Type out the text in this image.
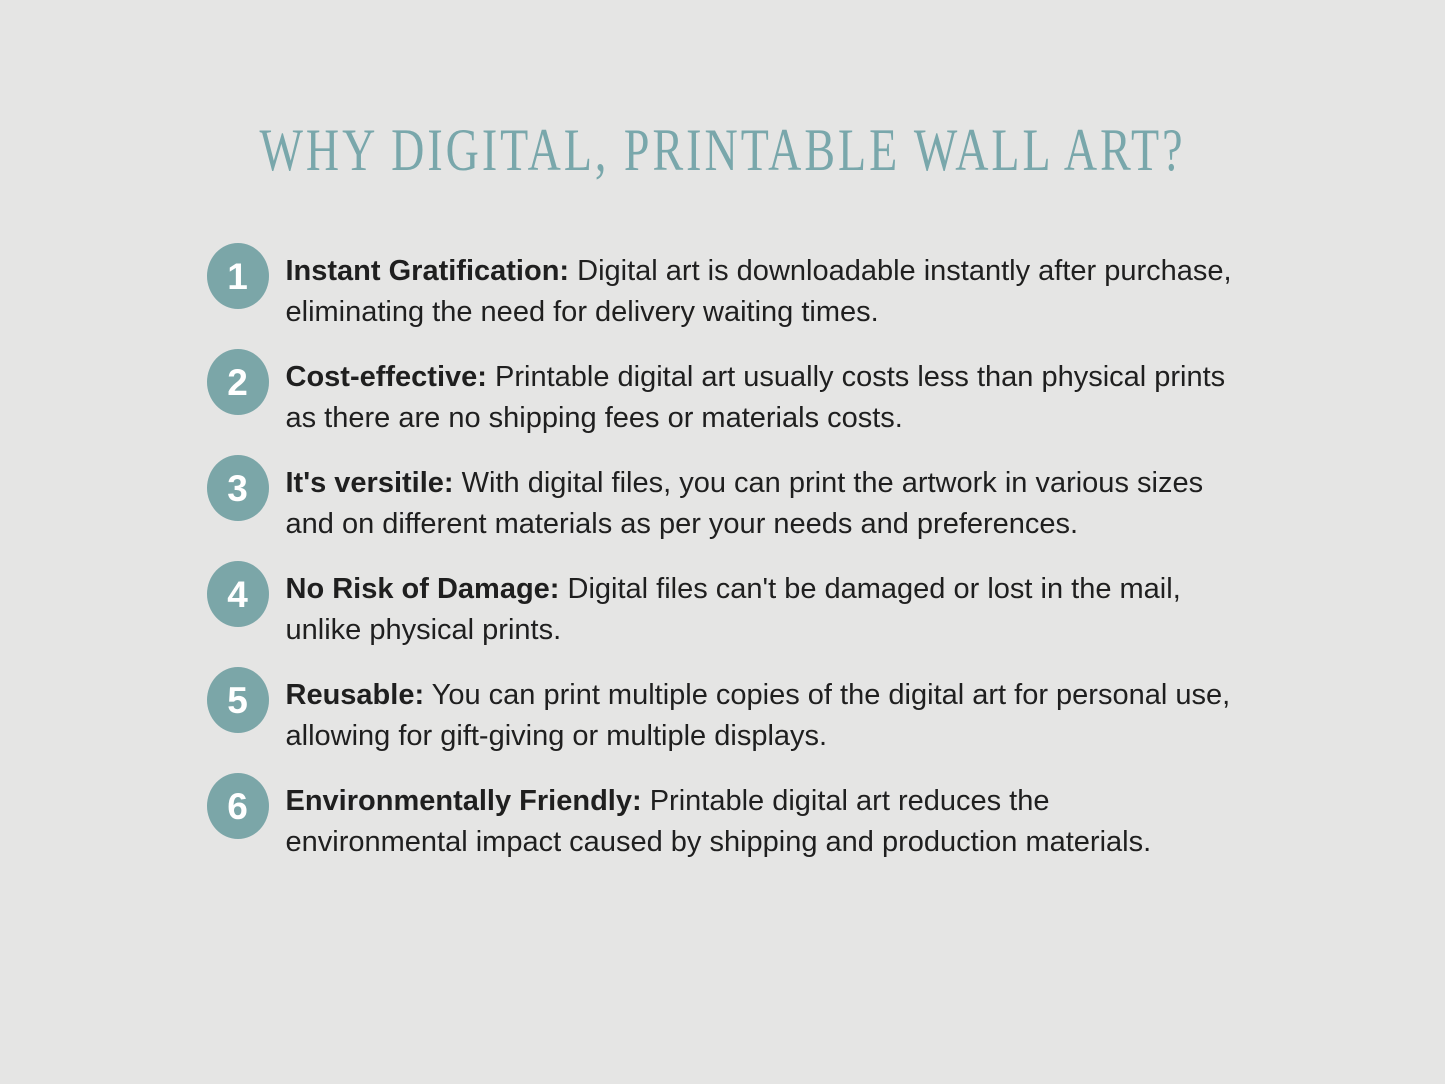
WHY DIGITAL, PRINTABLE WALL ART?
1 Instant Gratification: Digital art is downloadable instantly after purchase, eliminating the need for delivery waiting times.
2 Cost-effective: Printable digital art usually costs less than physical prints as there are no shipping fees or materials costs.
3 It's versitile: With digital files, you can print the artwork in various sizes and on different materials as per your needs and preferences.
4 No Risk of Damage: Digital files can't be damaged or lost in the mail, unlike physical prints.
5 Reusable: You can print multiple copies of the digital art for personal use, allowing for gift-giving or multiple displays.
6 Environmentally Friendly: Printable digital art reduces the environmental impact caused by shipping and production materials.
